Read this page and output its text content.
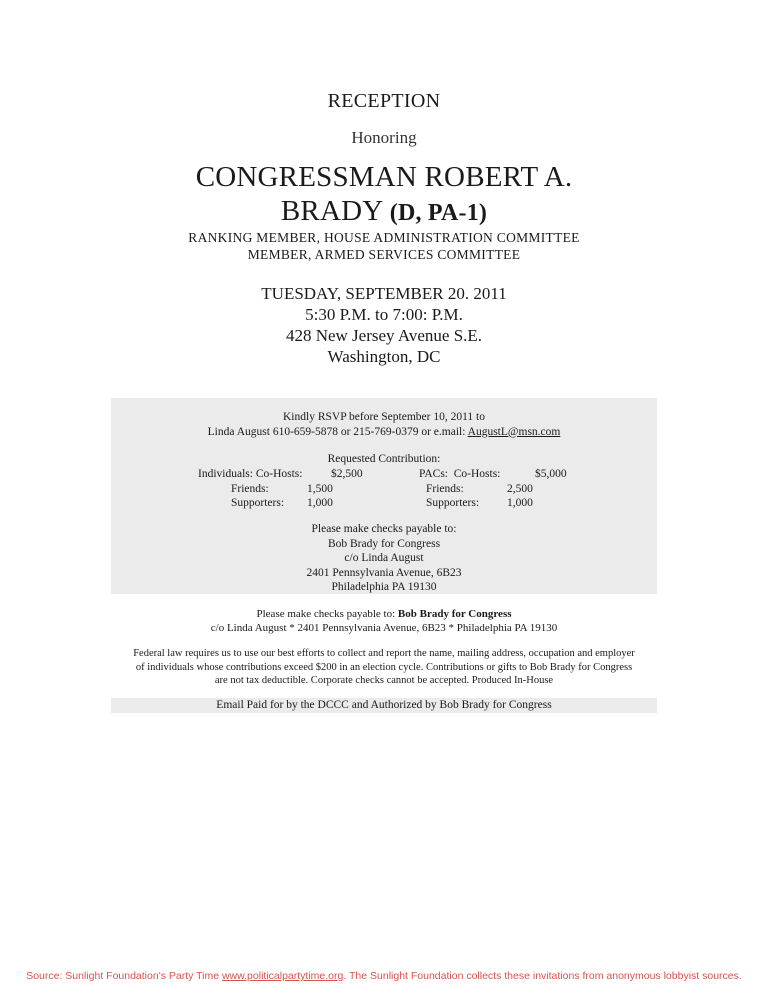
RECEPTION
Honoring
CONGRESSMAN ROBERT A.
BRADY (D, PA-1)
RANKING MEMBER, HOUSE ADMINISTRATION COMMITTEE
MEMBER, ARMED SERVICES COMMITTEE
TUESDAY, SEPTEMBER 20. 2011
5:30 P.M. to 7:00: P.M.
428 New Jersey Avenue S.E.
Washington, DC
Kindly RSVP before September 10, 2011 to
Linda August 610-659-5878 or 215-769-0379 or e.mail: AugustL@msn.com
Requested Contribution:
Individuals: Co-Hosts: $2,500
Friends:	1,500
Supporters: 1,000
PACs:  Co-Hosts:	$5,000
Friends:	2,500
Supporters: 1,000
Please make checks payable to:
Bob Brady for Congress
c/o Linda August
2401 Pennsylvania Avenue, 6B23
Philadelphia PA 19130
Please make checks payable to: Bob Brady for Congress
c/o Linda August * 2401 Pennsylvania Avenue, 6B23 * Philadelphia PA 19130
Federal law requires us to use our best efforts to collect and report the name, mailing address, occupation and employer
of individuals whose contributions exceed $200 in an election cycle. Contributions or gifts to Bob Brady for Congress
are not tax deductible. Corporate checks cannot be accepted. Produced In-House
Email Paid for by the DCCC and Authorized by Bob Brady for Congress
Source: Sunlight Foundation's Party Time www.politicalpartytime.org. The Sunlight Foundation collects these invitations from anonymous lobbyist sources.
